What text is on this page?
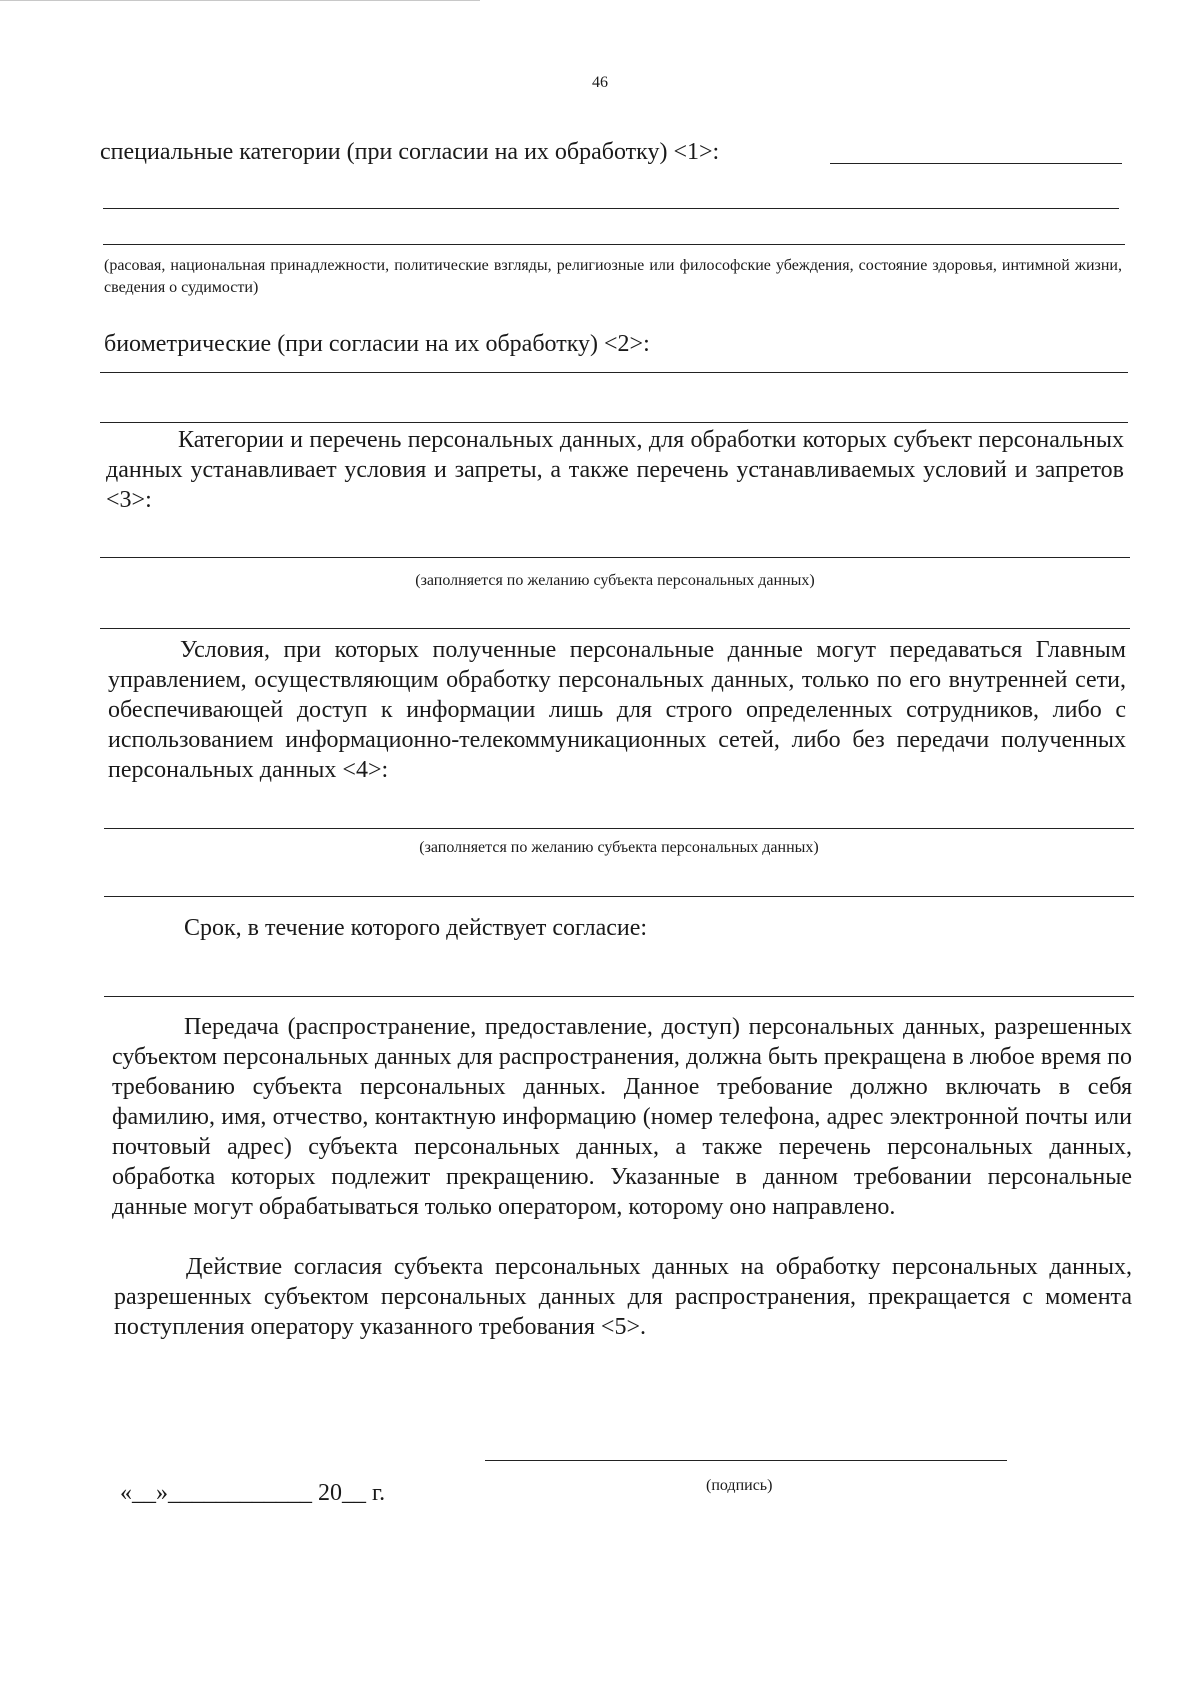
46
специальные категории (при согласии на их обработку) <1>:
(расовая, национальная принадлежности, политические взгляды, религиозные или философские убеждения, состояние здоровья, интимной жизни, сведения о судимости)
биометрические (при согласии на их обработку) <2>:
Категории и перечень персональных данных, для обработки которых субъект персональных данных устанавливает условия и запреты, а также перечень устанавливаемых условий и запретов <3>:
(заполняется по желанию субъекта персональных данных)
Условия, при которых полученные персональные данные могут передаваться Главным управлением, осуществляющим обработку персональных данных, только по его внутренней сети, обеспечивающей доступ к информации лишь для строго определенных сотрудников, либо с использованием информационно-телекоммуникационных сетей, либо без передачи полученных персональных данных <4>:
(заполняется по желанию субъекта персональных данных)
Срок, в течение которого действует согласие:
Передача (распространение, предоставление, доступ) персональных данных, разрешенных субъектом персональных данных для распространения, должна быть прекращена в любое время по требованию субъекта персональных данных. Данное требование должно включать в себя фамилию, имя, отчество, контактную информацию (номер телефона, адрес электронной почты или почтовый адрес) субъекта персональных данных, а также перечень персональных данных, обработка которых подлежит прекращению. Указанные в данном требовании персональные данные могут обрабатываться только оператором, которому оно направлено.
Действие согласия субъекта персональных данных на обработку персональных данных, разрешенных субъектом персональных данных для распространения, прекращается с момента поступления оператору указанного требования <5>.
(подпись)
«__»____________ 20__ г.
